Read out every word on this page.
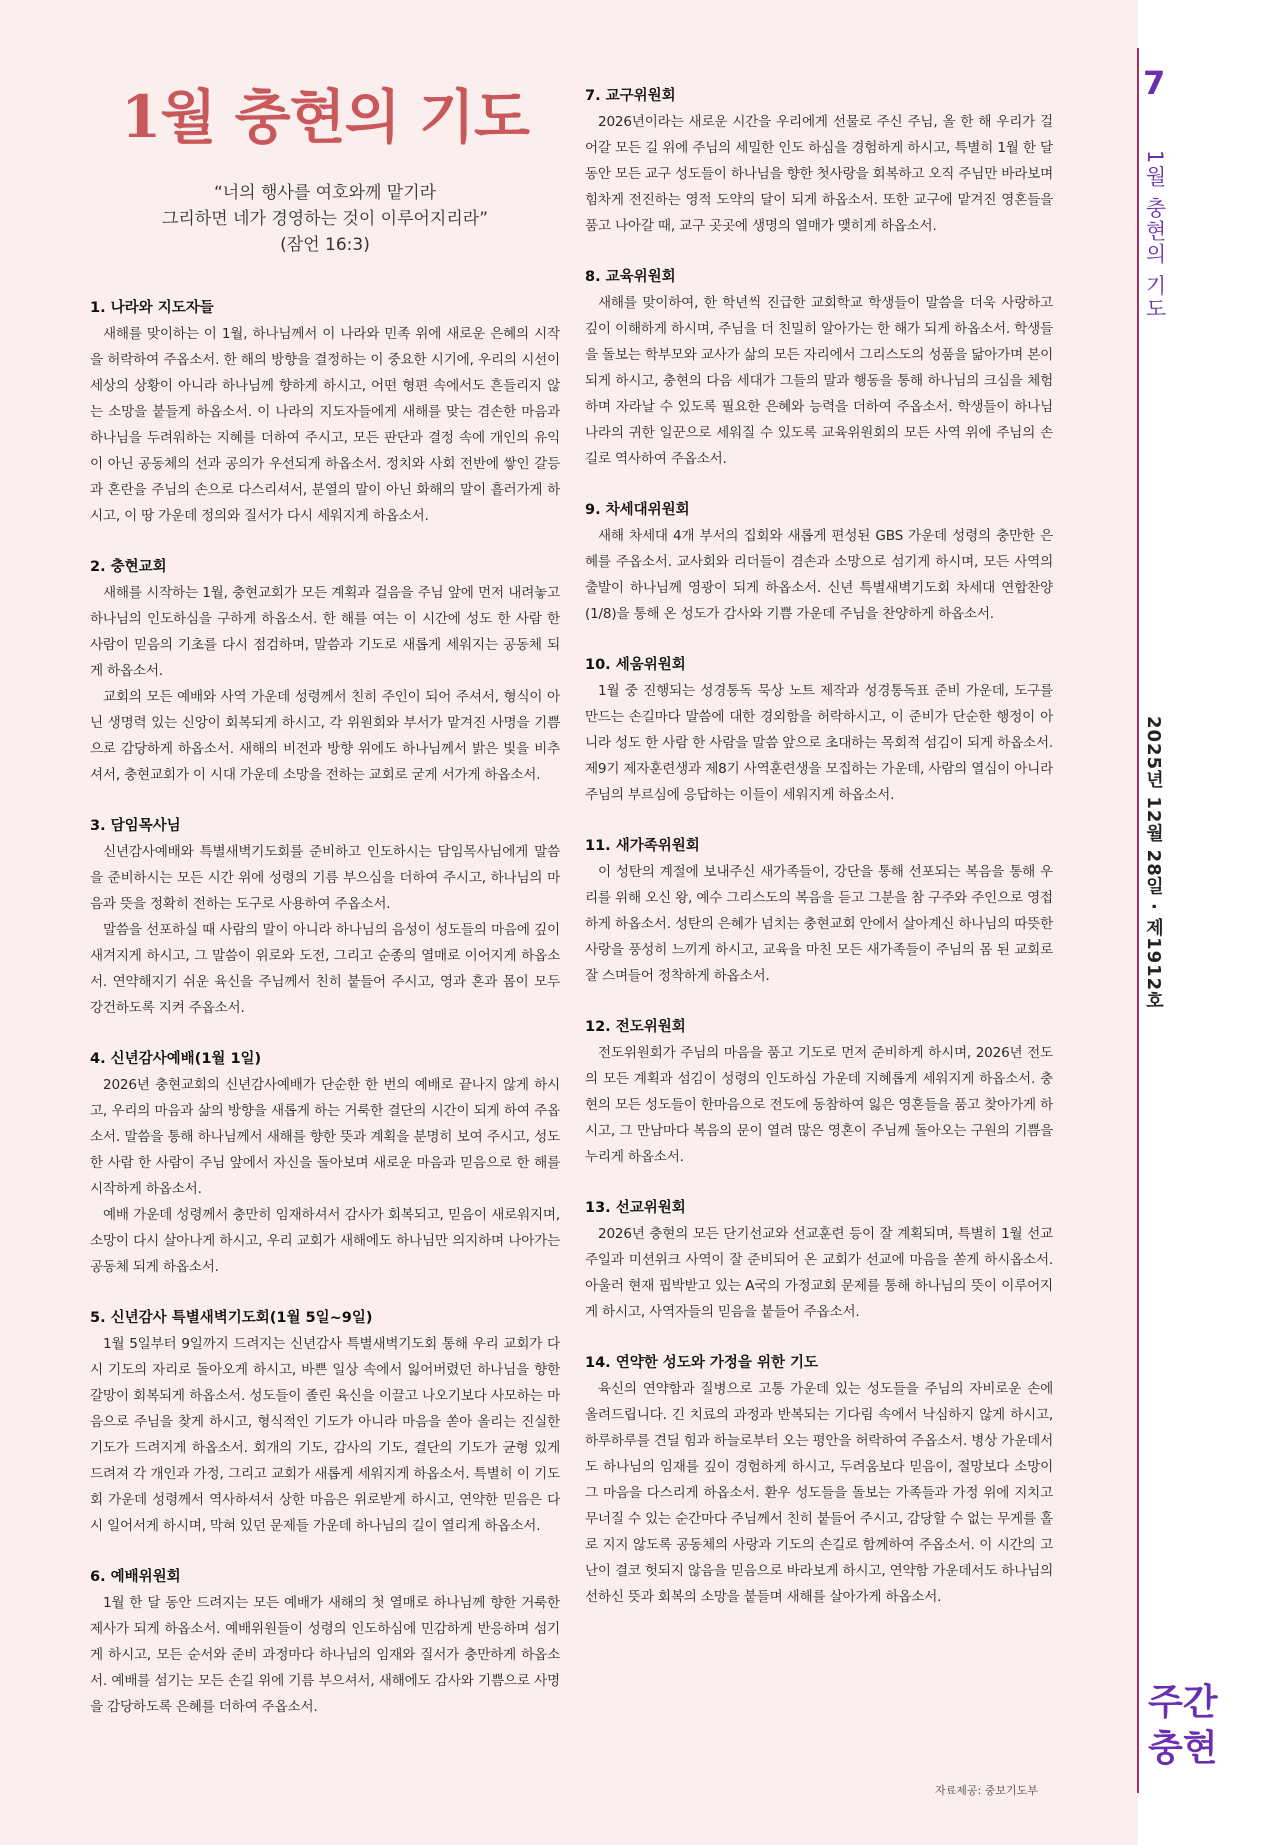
1월 충현의 기도
“너의 행사를 여호와께 맡기라
그리하면 네가 경영하는 것이 이루어지리라”
(잠언 16:3)
1. 나라와 지도자들

새해를 맞이하는 이 1월, 하나님께서 이 나라와 민족 위에 새로운 은혜의 시작을 허락하여 주옵소서. 한 해의 방향을 결정하는 이 중요한 시기에, 우리의 시선이 세상의 상황이 아니라 하나님께 향하게 하시고, 어떤 형편 속에서도 흔들리지 않는 소망을 붙들게 하옵소서. 이 나라의 지도자들에게 새해를 맞는 겸손한 마음과 하나님을 두려워하는 지혜를 더하여 주시고, 모든 판단과 결정 속에 개인의 유익이 아닌 공동체의 선과 공의가 우선되게 하옵소서. 정치와 사회 전반에 쌓인 갈등과 혼란을 주님의 손으로 다스리셔서, 분열의 말이 아닌 화해의 말이 흘러가게 하시고, 이 땅 가운데 정의와 질서가 다시 세워지게 하옵소서.

2. 충현교회

새해를 시작하는 1월, 충현교회가 모든 계획과 걸음을 주님 앞에 먼저 내려놓고 하나님의 인도하심을 구하게 하옵소서. 한 해를 여는 이 시간에 성도 한 사람 한 사람이 믿음의 기초를 다시 점검하며, 말씀과 기도로 새롭게 세워지는 공동체 되게 하옵소서.

교회의 모든 예배와 사역 가운데 성령께서 친히 주인이 되어 주셔서, 형식이 아닌 생명력 있는 신앙이 회복되게 하시고, 각 위원회와 부서가 맡겨진 사명을 기쁨으로 감당하게 하옵소서. 새해의 비전과 방향 위에도 하나님께서 밝은 빛을 비추셔서, 충현교회가 이 시대 가운데 소망을 전하는 교회로 굳게 서가게 하옵소서.

3. 담임목사님

신년감사예배와 특별새벽기도회를 준비하고 인도하시는 담임목사님에게 말씀을 준비하시는 모든 시간 위에 성령의 기름 부으심을 더하여 주시고, 하나님의 마음과 뜻을 정확히 전하는 도구로 사용하여 주옵소서.

말씀을 선포하실 때 사람의 말이 아니라 하나님의 음성이 성도들의 마음에 깊이 새겨지게 하시고, 그 말씀이 위로와 도전, 그리고 순종의 열매로 이어지게 하옵소서. 연약해지기 쉬운 육신을 주님께서 친히 붙들어 주시고, 영과 혼과 몸이 모두 강건하도록 지켜 주옵소서.

4. 신년감사예배(1월 1일)

2026년 충현교회의 신년감사예배가 단순한 한 번의 예배로 끝나지 않게 하시고, 우리의 마음과 삶의 방향을 새롭게 하는 거룩한 결단의 시간이 되게 하여 주옵소서. 말씀을 통해 하나님께서 새해를 향한 뜻과 계획을 분명히 보여 주시고, 성도 한 사람 한 사람이 주님 앞에서 자신을 돌아보며 새로운 마음과 믿음으로 한 해를 시작하게 하옵소서.

예배 가운데 성령께서 충만히 임재하셔서 감사가 회복되고, 믿음이 새로워지며, 소망이 다시 살아나게 하시고, 우리 교회가 새해에도 하나님만 의지하며 나아가는 공동체 되게 하옵소서.

5. 신년감사 특별새벽기도회(1월 5일~9일)

1월 5일부터 9일까지 드려지는 신년감사 특별새벽기도회 통해 우리 교회가 다시 기도의 자리로 돌아오게 하시고, 바쁜 일상 속에서 잃어버렸던 하나님을 향한 갈망이 회복되게 하옵소서. 성도들이 졸린 육신을 이끌고 나오기보다 사모하는 마음으로 주님을 찾게 하시고, 형식적인 기도가 아니라 마음을 쏟아 올리는 진실한 기도가 드려지게 하옵소서. 회개의 기도, 감사의 기도, 결단의 기도가 균형 있게 드려져 각 개인과 가정, 그리고 교회가 새롭게 세워지게 하옵소서. 특별히 이 기도회 가운데 성령께서 역사하셔서 상한 마음은 위로받게 하시고, 연약한 믿음은 다시 일어서게 하시며, 막혀 있던 문제들 가운데 하나님의 길이 열리게 하옵소서.

6. 예배위원회

1월 한 달 동안 드려지는 모든 예배가 새해의 첫 열매로 하나님께 향한 거룩한 제사가 되게 하옵소서. 예배위원들이 성령의 인도하심에 민감하게 반응하며 섬기게 하시고, 모든 순서와 준비 과정마다 하나님의 임재와 질서가 충만하게 하옵소서. 예배를 섬기는 모든 손길 위에 기름 부으셔서, 새해에도 감사와 기쁨으로 사명을 감당하도록 은혜를 더하여 주옵소서.

7. 교구위원회

2026년이라는 새로운 시간을 우리에게 선물로 주신 주님, 올 한 해 우리가 걸어갈 모든 길 위에 주님의 세밀한 인도 하심을 경험하게 하시고, 특별히 1월 한 달 동안 모든 교구 성도들이 하나님을 향한 첫사랑을 회복하고 오직 주님만 바라보며 힘차게 전진하는 영적 도약의 달이 되게 하옵소서. 또한 교구에 맡겨진 영혼들을 품고 나아갈 때, 교구 곳곳에 생명의 열매가 맺히게 하옵소서.

8. 교육위원회

새해를 맞이하여, 한 학년씩 진급한 교회학교 학생들이 말씀을 더욱 사랑하고 깊이 이해하게 하시며, 주님을 더 친밀히 알아가는 한 해가 되게 하옵소서. 학생들을 돌보는 학부모와 교사가 삶의 모든 자리에서 그리스도의 성품을 닮아가며 본이 되게 하시고, 충현의 다음 세대가 그들의 말과 행동을 통해 하나님의 크심을 체험하며 자라날 수 있도록 필요한 은혜와 능력을 더하여 주옵소서. 학생들이 하나님 나라의 귀한 일꾼으로 세워질 수 있도록 교육위원회의 모든 사역 위에 주님의 손길로 역사하여 주옵소서.

9. 차세대위원회

새해 차세대 4개 부서의 집회와 새롭게 편성된 GBS 가운데 성령의 충만한 은혜를 주옵소서. 교사회와 리더들이 겸손과 소망으로 섬기게 하시며, 모든 사역의 출발이 하나님께 영광이 되게 하옵소서. 신년 특별새벽기도회 차세대 연합찬양(1/8)을 통해 온 성도가 감사와 기쁨 가운데 주님을 찬양하게 하옵소서.

10. 세움위원회

1월 중 진행되는 성경통독 묵상 노트 제작과 성경통독표 준비 가운데, 도구를 만드는 손길마다 말씀에 대한 경외함을 허락하시고, 이 준비가 단순한 행정이 아니라 성도 한 사람 한 사람을 말씀 앞으로 초대하는 목회적 섬김이 되게 하옵소서. 제9기 제자훈련생과 제8기 사역훈련생을 모집하는 가운데, 사람의 열심이 아니라 주님의 부르심에 응답하는 이들이 세워지게 하옵소서.

11. 새가족위원회

이 성탄의 계절에 보내주신 새가족들이, 강단을 통해 선포되는 복음을 통해 우리를 위해 오신 왕, 예수 그리스도의 복음을 듣고 그분을 참 구주와 주인으로 영접하게 하옵소서. 성탄의 은혜가 넘치는 충현교회 안에서 살아계신 하나님의 따뜻한 사랑을 풍성히 느끼게 하시고, 교육을 마친 모든 새가족들이 주님의 몸 된 교회로 잘 스며들어 정착하게 하옵소서.

12. 전도위원회

전도위원회가 주님의 마음을 품고 기도로 먼저 준비하게 하시며, 2026년 전도의 모든 계획과 섬김이 성령의 인도하심 가운데 지혜롭게 세워지게 하옵소서. 충현의 모든 성도들이 한마음으로 전도에 동참하여 잃은 영혼들을 품고 찾아가게 하시고, 그 만남마다 복음의 문이 열려 많은 영혼이 주님께 돌아오는 구원의 기쁨을 누리게 하옵소서.

13. 선교위원회

2026년 충현의 모든 단기선교와 선교훈련 등이 잘 계획되며, 특별히 1월 선교주일과 미션위크 사역이 잘 준비되어 온 교회가 선교에 마음을 쏟게 하시옵소서. 아울러 현재 핍박받고 있는 A국의 가정교회 문제를 통해 하나님의 뜻이 이루어지게 하시고, 사역자들의 믿음을 붙들어 주옵소서.

14. 연약한 성도와 가정을 위한 기도

육신의 연약함과 질병으로 고통 가운데 있는 성도들을 주님의 자비로운 손에 올려드립니다. 긴 치료의 과정과 반복되는 기다림 속에서 낙심하지 않게 하시고, 하루하루를 견딜 힘과 하늘로부터 오는 평안을 허락하여 주옵소서. 병상 가운데서도 하나님의 임재를 깊이 경험하게 하시고, 두려움보다 믿음이, 절망보다 소망이 그 마음을 다스리게 하옵소서. 환우 성도들을 돌보는 가족들과 가정 위에 지치고 무너질 수 있는 순간마다 주님께서 친히 붙들어 주시고, 감당할 수 없는 무게를 홀로 지지 않도록 공동체의 사랑과 기도의 손길로 함께하여 주옵소서. 이 시간의 고난이 결코 헛되지 않음을 믿음으로 바라보게 하시고, 연약함 가운데서도 하나님의 선하신 뜻과 회복의 소망을 붙들며 새해를 살아가게 하옵소서.

자료제공: 중보기도부
7
1월 충현의 기도
2025년 12월 28일 · 제1912호
주간
충현
